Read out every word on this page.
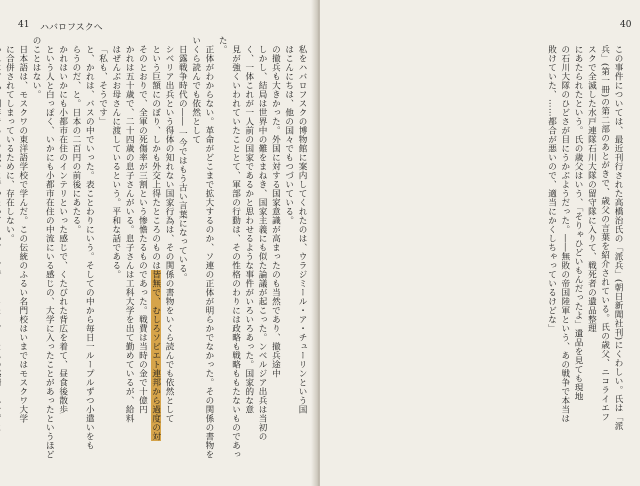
41 ハバロフスクへ

私をハバロフスクの博物館に案内してくれたのは、ウラジミール・ア・チューリンという国

はこんにちは、他の国々でもつづいている。

の撤兵も大きかった。外国に対する国家意識が高まったのも当然であり、撤兵途中

しかし、結局は世界中の難をまねき、国家主義にも似た論議が起こった。ンベルジア出兵は当初の

く、一体これが一人前の国家であるかと思わせるような事件がいろいろあった。国家的な意

見が強くいわれていたこととて、軍部の行動は、その性格のわりには政略も戦略ももたないものであった。

正体がわからない。革命がどこまで拡大するのか、ソ連の正体が明らかでなかった。その関係の書物をいくら読んでも依然として

日露戦争時代の―― 一今ではもう古い言葉になっている。

シベリア出兵という得体の知れない国家行為は、その関係の書物をいくら読んでも依然として

という巨額にのぼり、しかも外交上得たところのものは皆無で、むしろソビエト連邦から過度の対

そのとおりで、全軍の死傷率が三割という惨憺たるものであった。戦費は当時の金で十億円

かれは五十歳で、二十四歳の息子さんがいる。息子さんは工科大学を出て勤めているが、給料

はぜんぶお母さんに渡しているという。平和な話である。

「私も、そうです」

と、かれは、バスの中でいった。表ことわりにいう。そしての中から毎日一ループルずつ小遣いをも

らうのだ、と。日本の二百円の前後にあたる。

かれはいかにも小都市在住のインテリといった感じで、くたびれた背広を着て、昼食後散歩

という人と白っぽく、いかにも小都市在住の中流にいる感じの、大学に入ったことがあったというほどのことはない。

日本語は、モスクワの東洋語学校で学んだ。この伝統のふるい名門校はいまではモスクワ大学

に合併されてしまっているために、存在しない。

40

この事件については、最近刊行された高橋治氏の「派兵」(朝日新聞社刊)にくわしい。氏は「派

兵」(第一冊)の第二部のあとがきで、歳父の言葉を紹介されている。氏の歳父、ニコライエフ

スクで全滅した水戸連隊石川大隊の留守隊に入りて、戦死者の遺品整理

にあたられたという。氏の歳父はいう、「そりゃひどいもんだったよ」遺品を見ても現地

の石川大隊のひどさが目にうかぶようだった。――無敗の帝国陸軍という、あの戦争で本当は

敗けていた、……都合が悪いので、適当にかくしちゃっているけどな」
